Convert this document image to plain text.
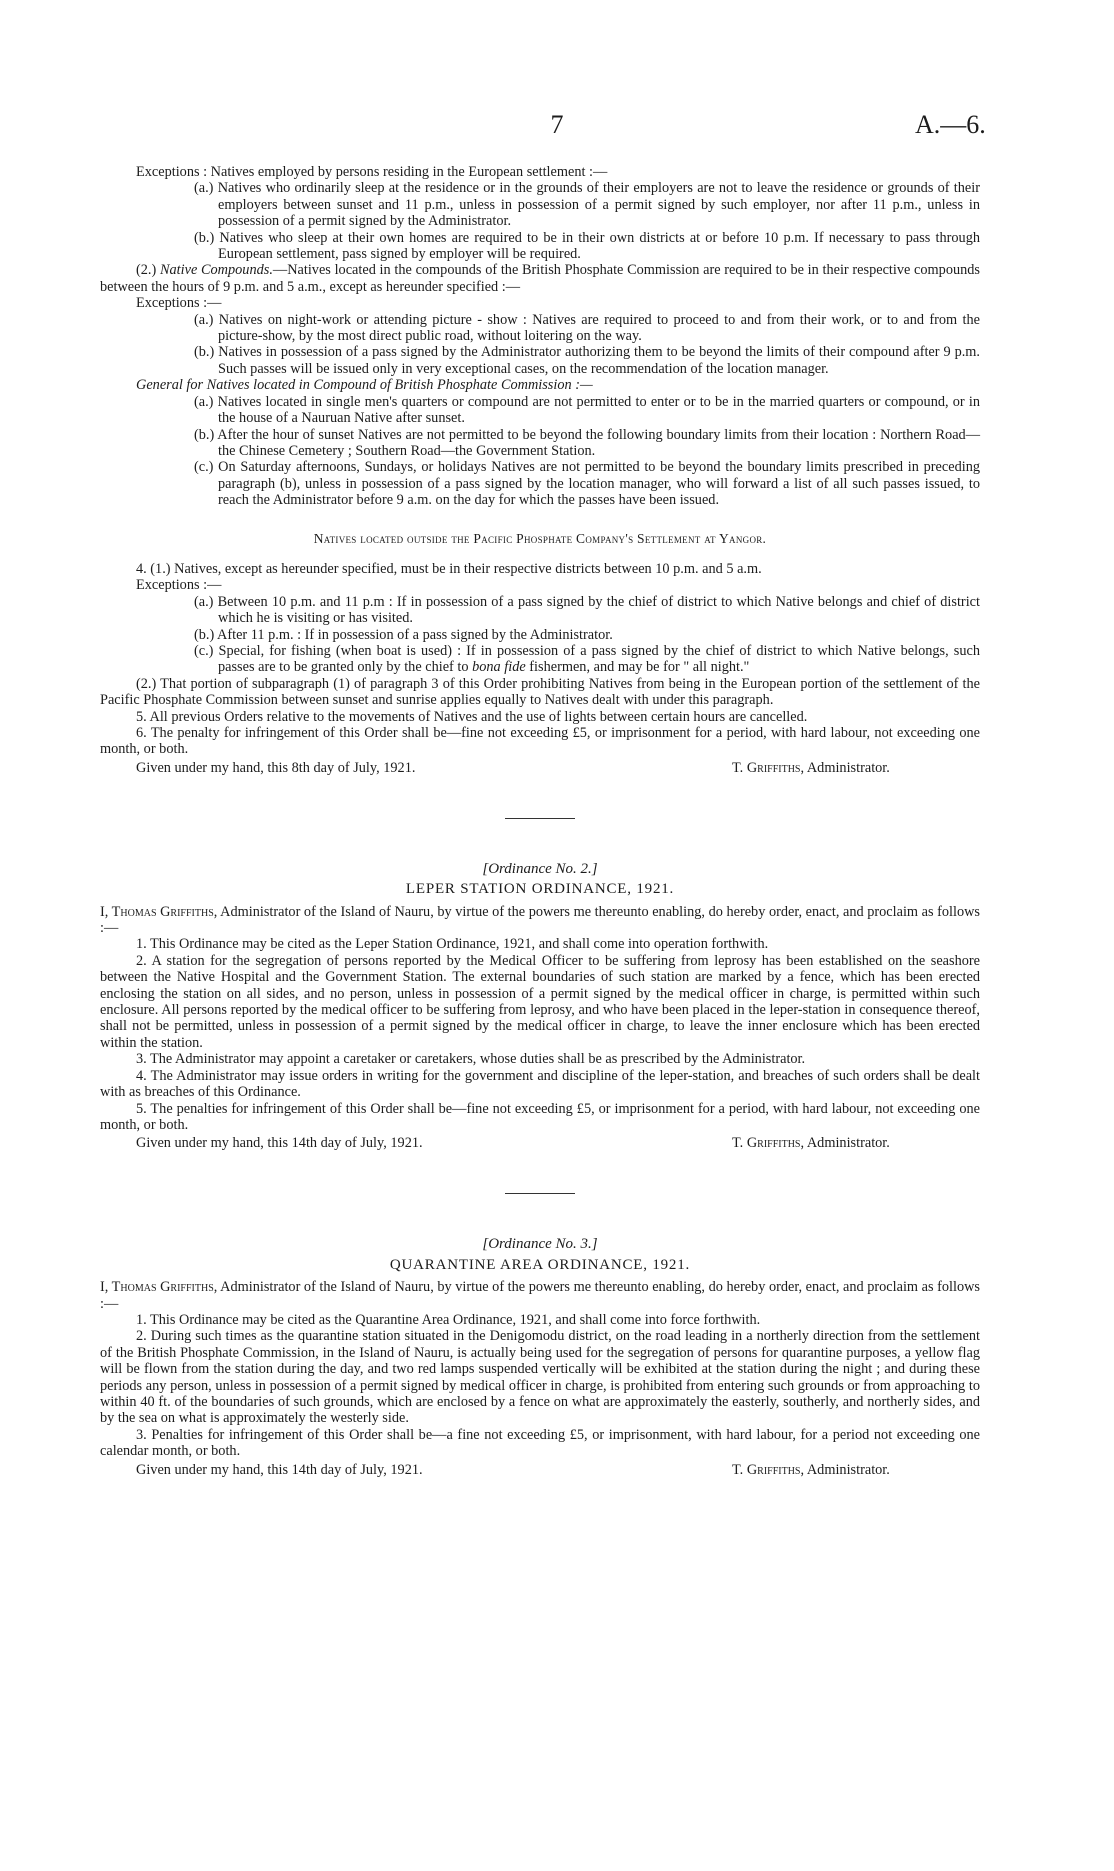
7	A.—6.

Exceptions : Natives employed by persons residing in the European settlement :—

(a.) Natives who ordinarily sleep at the residence or in the grounds of their employers are not to leave the residence or grounds of their employers between sunset and 11 p.m., unless in possession of a permit signed by such employer, nor after 11 p.m., unless in possession of a permit signed by the Administrator.

(b.) Natives who sleep at their own homes are required to be in their own districts at or before 10 p.m. If necessary to pass through European settlement, pass signed by employer will be required.

(2.) Native Compounds.—Natives located in the compounds of the British Phosphate Commission are required to be in their respective compounds between the hours of 9 p.m. and 5 a.m., except as hereunder specified :—

Exceptions :—

(a.) Natives on night-work or attending picture - show : Natives are required to proceed to and from their work, or to and from the picture-show, by the most direct public road, without loitering on the way.

(b.) Natives in possession of a pass signed by the Administrator authorizing them to be beyond the limits of their compound after 9 p.m. Such passes will be issued only in very exceptional cases, on the recommendation of the location manager.

General for Natives located in Compound of British Phosphate Commission :—

(a.) Natives located in single men's quarters or compound are not permitted to enter or to be in the married quarters or compound, or in the house of a Nauruan Native after sunset.

(b.) After the hour of sunset Natives are not permitted to be beyond the following boundary limits from their location : Northern Road—the Chinese Cemetery ; Southern Road—the Government Station.

(c.) On Saturday afternoons, Sundays, or holidays Natives are not permitted to be beyond the boundary limits prescribed in preceding paragraph (b), unless in possession of a pass signed by the location manager, who will forward a list of all such passes issued, to reach the Administrator before 9 a.m. on the day for which the passes have been issued.

Natives located outside the Pacific Phosphate Company's Settlement at Yangor.

4. (1.) Natives, except as hereunder specified, must be in their respective districts between 10 p.m. and 5 a.m.

Exceptions :—

(a.) Between 10 p.m. and 11 p.m : If in possession of a pass signed by the chief of district to which Native belongs and chief of district which he is visiting or has visited.

(b.) After 11 p.m. : If in possession of a pass signed by the Administrator.

(c.) Special, for fishing (when boat is used) : If in possession of a pass signed by the chief of district to which Native belongs, such passes are to be granted only by the chief to bona fide fishermen, and may be for " all night."

(2.) That portion of subparagraph (1) of paragraph 3 of this Order prohibiting Natives from being in the European portion of the settlement of the Pacific Phosphate Commission between sunset and sunrise applies equally to Natives dealt with under this paragraph.

5. All previous Orders relative to the movements of Natives and the use of lights between certain hours are cancelled.

6. The penalty for infringement of this Order shall be—fine not exceeding £5, or imprisonment for a period, with hard labour, not exceeding one month, or both.

Given under my hand, this 8th day of July, 1921.	T. Griffiths, Administrator.

[Ordinance No. 2.]

LEPER STATION ORDINANCE, 1921.

I, Thomas Griffiths, Administrator of the Island of Nauru, by virtue of the powers me thereunto enabling, do hereby order, enact, and proclaim as follows :—

1. This Ordinance may be cited as the Leper Station Ordinance, 1921, and shall come into operation forthwith.

2. A station for the segregation of persons reported by the Medical Officer to be suffering from leprosy has been established on the seashore between the Native Hospital and the Government Station. The external boundaries of such station are marked by a fence, which has been erected enclosing the station on all sides, and no person, unless in possession of a permit signed by the medical officer in charge, is permitted within such enclosure. All persons reported by the medical officer to be suffering from leprosy, and who have been placed in the leper-station in consequence thereof, shall not be permitted, unless in possession of a permit signed by the medical officer in charge, to leave the inner enclosure which has been erected within the station.

3. The Administrator may appoint a caretaker or caretakers, whose duties shall be as prescribed by the Administrator.

4. The Administrator may issue orders in writing for the government and discipline of the leper-station, and breaches of such orders shall be dealt with as breaches of this Ordinance.

5. The penalties for infringement of this Order shall be—fine not exceeding £5, or imprisonment for a period, with hard labour, not exceeding one month, or both.

Given under my hand, this 14th day of July, 1921.	T. Griffiths, Administrator.

[Ordinance No. 3.]

QUARANTINE AREA ORDINANCE, 1921.

I, Thomas Griffiths, Administrator of the Island of Nauru, by virtue of the powers me thereunto enabling, do hereby order, enact, and proclaim as follows :—

1. This Ordinance may be cited as the Quarantine Area Ordinance, 1921, and shall come into force forthwith.

2. During such times as the quarantine station situated in the Denigomodu district, on the road leading in a northerly direction from the settlement of the British Phosphate Commission, in the Island of Nauru, is actually being used for the segregation of persons for quarantine purposes, a yellow flag will be flown from the station during the day, and two red lamps suspended vertically will be exhibited at the station during the night ; and during these periods any person, unless in possession of a permit signed by medical officer in charge, is prohibited from entering such grounds or from approaching to within 40 ft. of the boundaries of such grounds, which are enclosed by a fence on what are approximately the easterly, southerly, and northerly sides, and by the sea on what is approximately the westerly side.

3. Penalties for infringement of this Order shall be—a fine not exceeding £5, or imprisonment, with hard labour, for a period not exceeding one calendar month, or both.

Given under my hand, this 14th day of July, 1921.	T. Griffiths, Administrator.
